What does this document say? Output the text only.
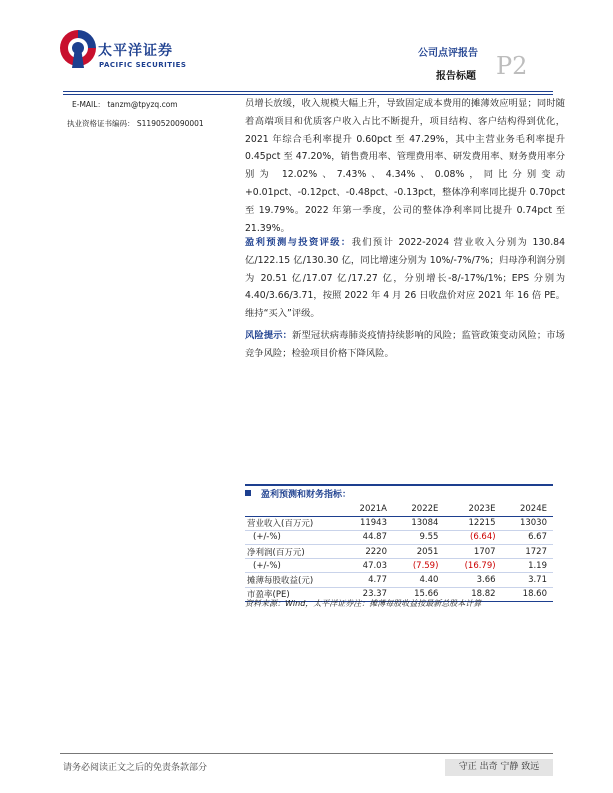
太平洋证券
PACIFIC SECURITIES
公司点评报告
报告标题 P2
E-MAIL： tanzm@tpyzq.com
执业资格证书编码： S1190520090001

员增长放缓，收入规模大幅上升，导致固定成本费用的摊薄效应明显；同时随着高端项目和优质客户收入占比不断提升，项目结构、客户结构得到优化，2021 年综合毛利率提升 0.60pct 至 47.29%，其中主营业务毛利率提升 0.45pct 至 47.20%，销售费用率、管理费用率、研发费用率、财务费用率分别为 12.02%、7.43%、4.34%、0.08%，同比分别变动+0.01pct、-0.12pct、-0.48pct、-0.13pct，整体净利率同比提升 0.70pct 至 19.79%。2022 年第一季度，公司的整体净利率同比提升 0.74pct 至 21.39%。

盈利预测与投资评级：我们预计 2022-2024 营业收入分别为 130.84 亿/122.15 亿/130.30 亿，同比增速分别为 10%/-7%/7%；归母净利润分别为 20.51 亿/17.07 亿/17.27 亿，分别增长-8/-17%/1%；EPS 分别为 4.40/3.66/3.71，按照 2022 年 4 月 26 日收盘价对应 2021 年 16 倍 PE。维持“买入”评级。

风险提示：新型冠状病毒肺炎疫情持续影响的风险；监管政策变动风险；市场竞争风险；检验项目价格下降风险。

盈利预测和财务指标：
	2021A	2022E	2023E	2024E
营业收入(百万元)	11943	13084	12215	13030
(+/-%)	44.87	9.55	(6.64)	6.67
净利润(百万元)	2220	2051	1707	1727
(+/-%)	47.03	(7.59)	(16.79)	1.19
摊薄每股收益(元)	4.77	4.40	3.66	3.71
市盈率(PE)	23.37	15.66	18.82	18.60
资料来源：Wind，太平洋证券注：摊薄每股收益按最新总股本计算
请务必阅读正文之后的免责条款部分	守正 出奇 宁静 致远
